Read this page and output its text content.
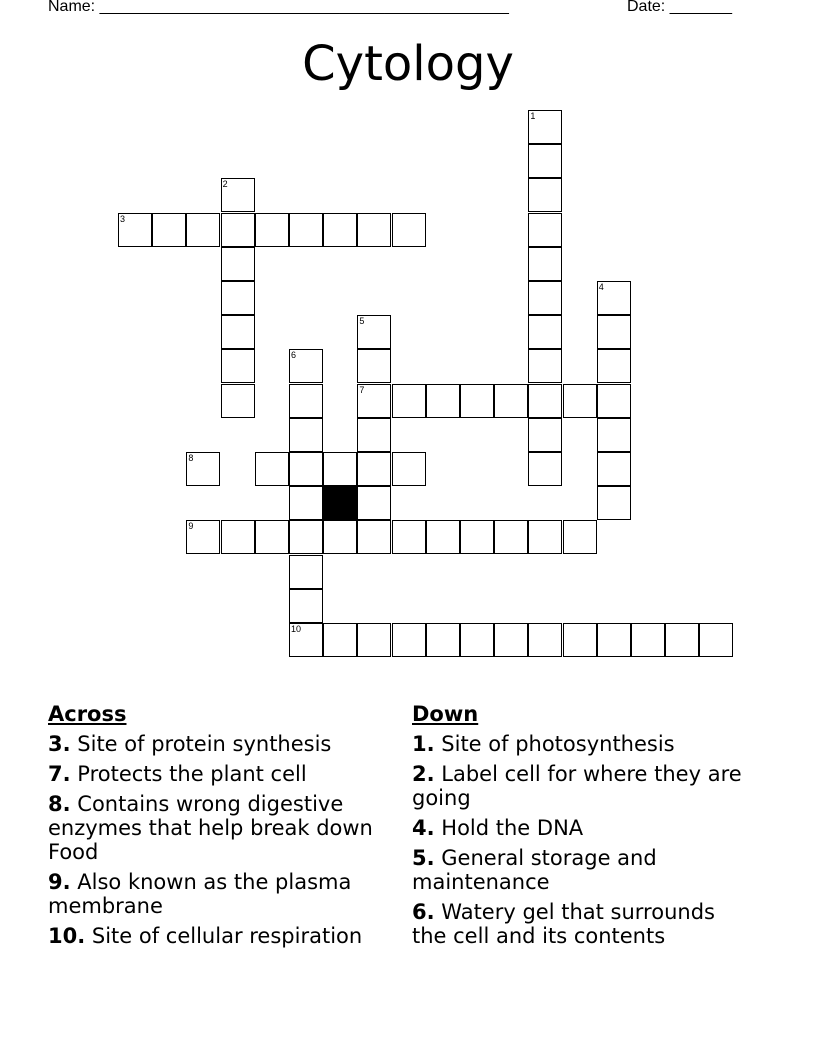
Name: ______________________________________________	Date: _______
Cytology
1
2
3
4
5
7
6
10
8
9
Across
3. Site of protein synthesis
7. Protects the plant cell
8. Contains wrong digestive enzymes that help break down Food
9. Also known as the plasma membrane
10. Site of cellular respiration
Down
1. Site of photosynthesis
2. Label cell for where they are going
4. Hold the DNA
5. General storage and maintenance
6. Watery gel that surrounds the cell and its contents
